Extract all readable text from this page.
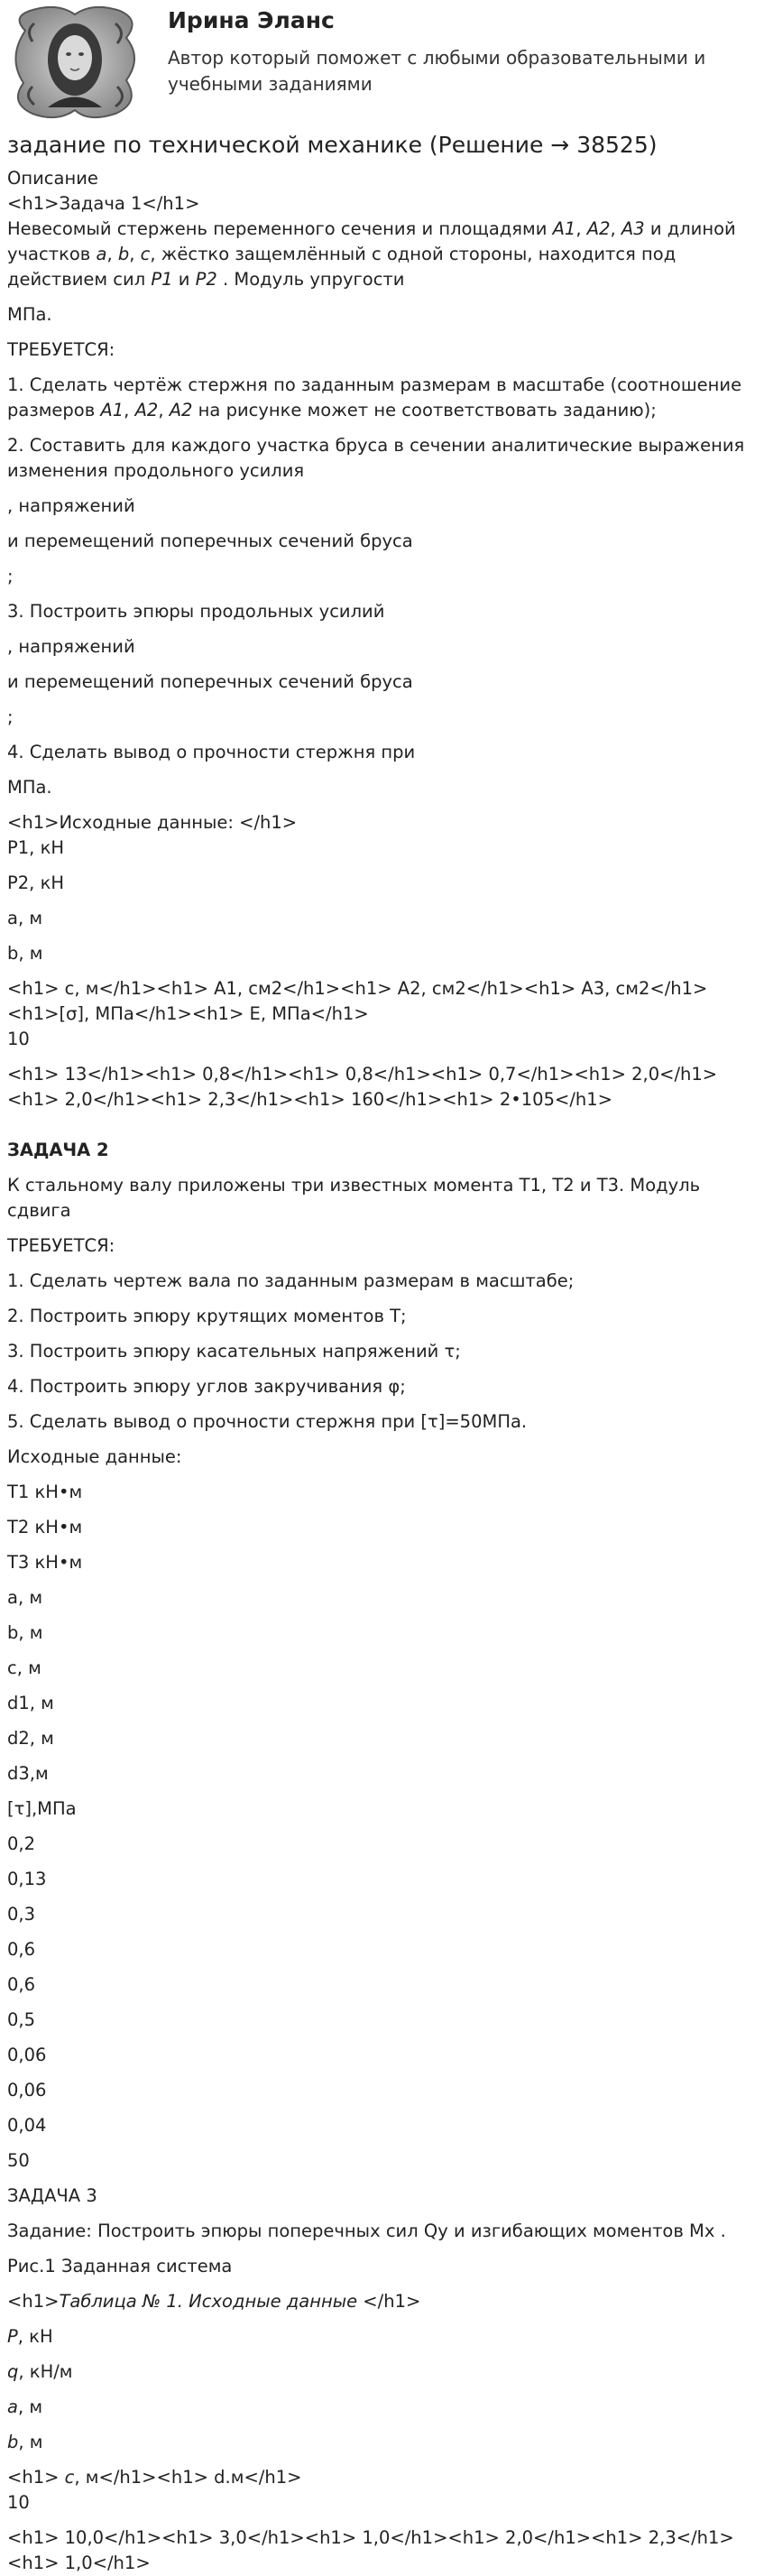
Ирина Эланс
Автор который поможет с любыми образовательными и учебными заданиями
задание по технической механике (Решение → 38525)
Описание
<h1>Задача 1</h1>
Невесомый стержень переменного сечения и площадями A1, A2, A3 и длиной участков a, b, c, жёстко защемлённый с одной стороны, находится под действием сил P1 и P2 . Модуль упругости
МПа.
ТРЕБУЕТСЯ:
1. Сделать чертёж стержня по заданным размерам в масштабе (соотношение размеров A1, A2, A2 на рисунке может не соответствовать заданию);
2. Составить для каждого участка бруса в сечении аналитические выражения изменения продольного усилия
, напряжений
и перемещений поперечных сечений бруса
;
3. Построить эпюры продольных усилий
, напряжений
и перемещений поперечных сечений бруса
;
4. Сделать вывод о прочности стержня при
МПа.
<h1>Исходные данные: </h1>
P1, кН
P2, кН
a, м
b, м
<h1> c, м</h1><h1> A1, см2</h1><h1> A2, см2</h1><h1> A3, см2</h1><h1>[σ], МПа</h1><h1> E, МПа</h1>
10
<h1> 13</h1><h1> 0,8</h1><h1> 0,8</h1><h1> 0,7</h1><h1> 2,0</h1><h1> 2,0</h1><h1> 2,3</h1><h1> 160</h1><h1> 2•105</h1>
ЗАДАЧА 2
К стальному валу приложены три известных момента T1, T2 и T3. Модуль сдвига
ТРЕБУЕТСЯ:
1. Сделать чертеж вала по заданным размерам в масштабе;
2. Построить эпюру крутящих моментов T;
3. Построить эпюру касательных напряжений τ;
4. Построить эпюру углов закручивания φ;
5. Сделать вывод о прочности стержня при [τ]=50МПа.
Исходные данные:
T1 кН•м
T2 кН•м
T3 кН•м
a, м
b, м
c, м
d1, м
d2, м
d3,м
[τ],МПа
0,2
0,13
0,3
0,6
0,6
0,5
0,06
0,06
0,04
50
ЗАДАЧА 3
Задание: Построить эпюры поперечных сил Qy и изгибающих моментов Mx .
Рис.1 Заданная система
<h1>Таблица № 1. Исходные данные </h1>
P, кН
q, кН/м
a, м
b, м
<h1> c, м</h1><h1> d.м</h1>
10
<h1> 10,0</h1><h1> 3,0</h1><h1> 1,0</h1><h1> 2,0</h1><h1> 2,3</h1><h1> 1,0</h1>
